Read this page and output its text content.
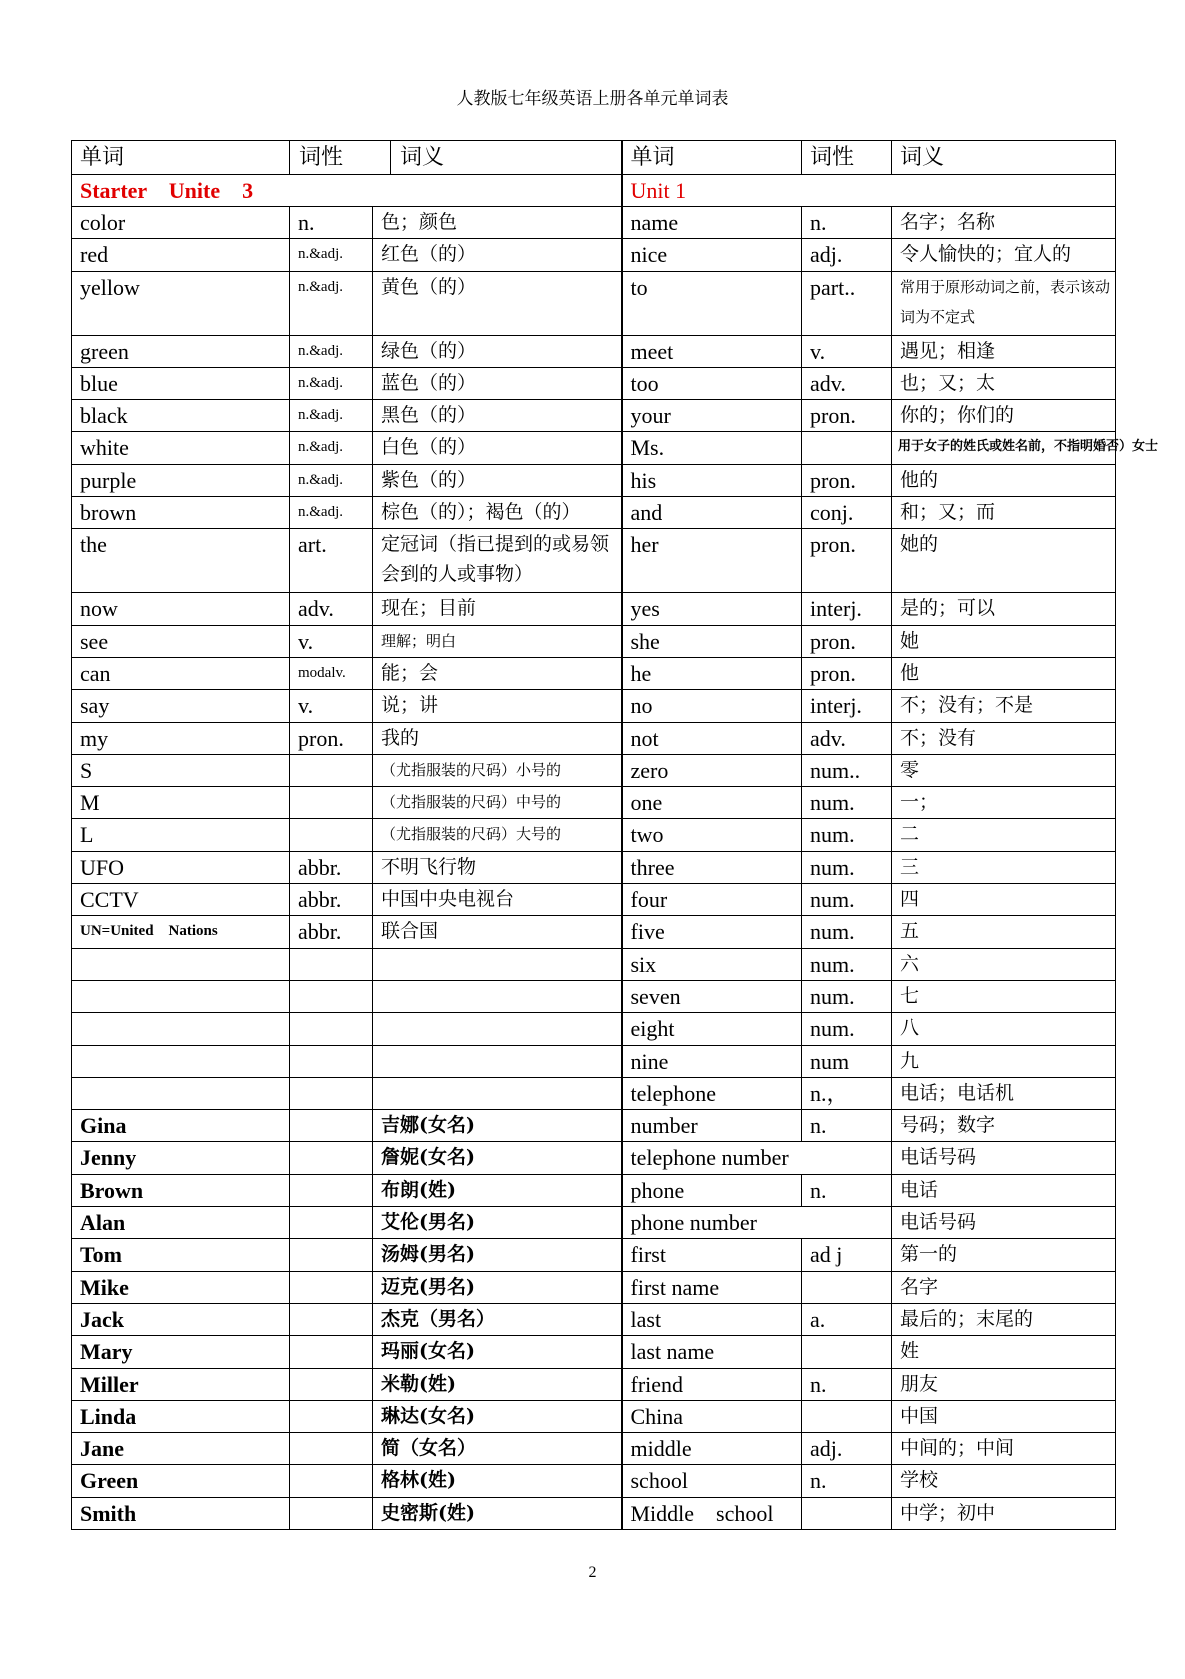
人教版七年级英语上册各单元单词表
单词	词性 词义		单词	词性	词义
Starter    Unite    3			Unit 1		
color	n.	色；颜色	name	n.	名字；名称
red	n.&adj.	红色（的）	nice	adj.	令人愉快的；宜人的
yellow	n.&adj.	黄色（的）	to	part..	常用于原形动词之前，表示该动词为不定式
green	n.&adj.	绿色（的）	meet	v.	遇见；相逢
blue	n.&adj.	蓝色（的）	too	adv.	也；又；太
black	n.&adj.	黑色（的）	your	pron.	你的；你们的
white	n.&adj.	白色（的）	Ms.		用于女子的姓氏或姓名前，不指明婚否）女士
purple	n.&adj.	紫色（的）	his	pron.	他的
brown	n.&adj.	棕色（的）；褐色（的）	and	conj.	和；又；而
the	art.	定冠词（指已提到的或易领会到的人或事物）	her	pron.	她的
now	adv.	现在；目前	yes	interj.	是的；可以
see	v.	理解；明白	she	pron.	她
can	modalv.	能；会	he	pron.	他
say	v.	说；讲	no	interj.	不；没有；不是
my	pron.	我的	not	adv.	不；没有
S		（尤指服装的尺码）小号的	zero	num..	零
M		（尤指服装的尺码）中号的	one	num.	一；
L		（尤指服装的尺码）大号的	two	num.	二
UFO	abbr.	不明飞行物	three	num.	三
CCTV	abbr.	中国中央电视台	four	num.	四
UN=United    Nations	abbr.	联合国	five	num.	五
			six	num.	六
			seven	num.	七
			eight	num.	八
			nine	num	九
			telephone	n.，	电话；电话机
Gina		吉娜(女名)	number	n.	号码；数字
Jenny		詹妮(女名)	telephone number		电话号码
Brown		布朗(姓)	phone	n.	电话
Alan		艾伦(男名)	phone number		电话号码
Tom		汤姆(男名)	first	ad j	第一的
Mike		迈克(男名)	first name		名字
Jack		杰克（男名）	last	a.	最后的；末尾的
Mary		玛丽(女名)	last name		姓
Miller		米勒(姓)	friend	n.	朋友
Linda		琳达(女名)	China		中国
Jane		简（女名）	middle	adj.	中间的；中间
Green		格林(姓)	school	n.	学校
Smith		史密斯(姓)	Middle    school		中学；初中
2
